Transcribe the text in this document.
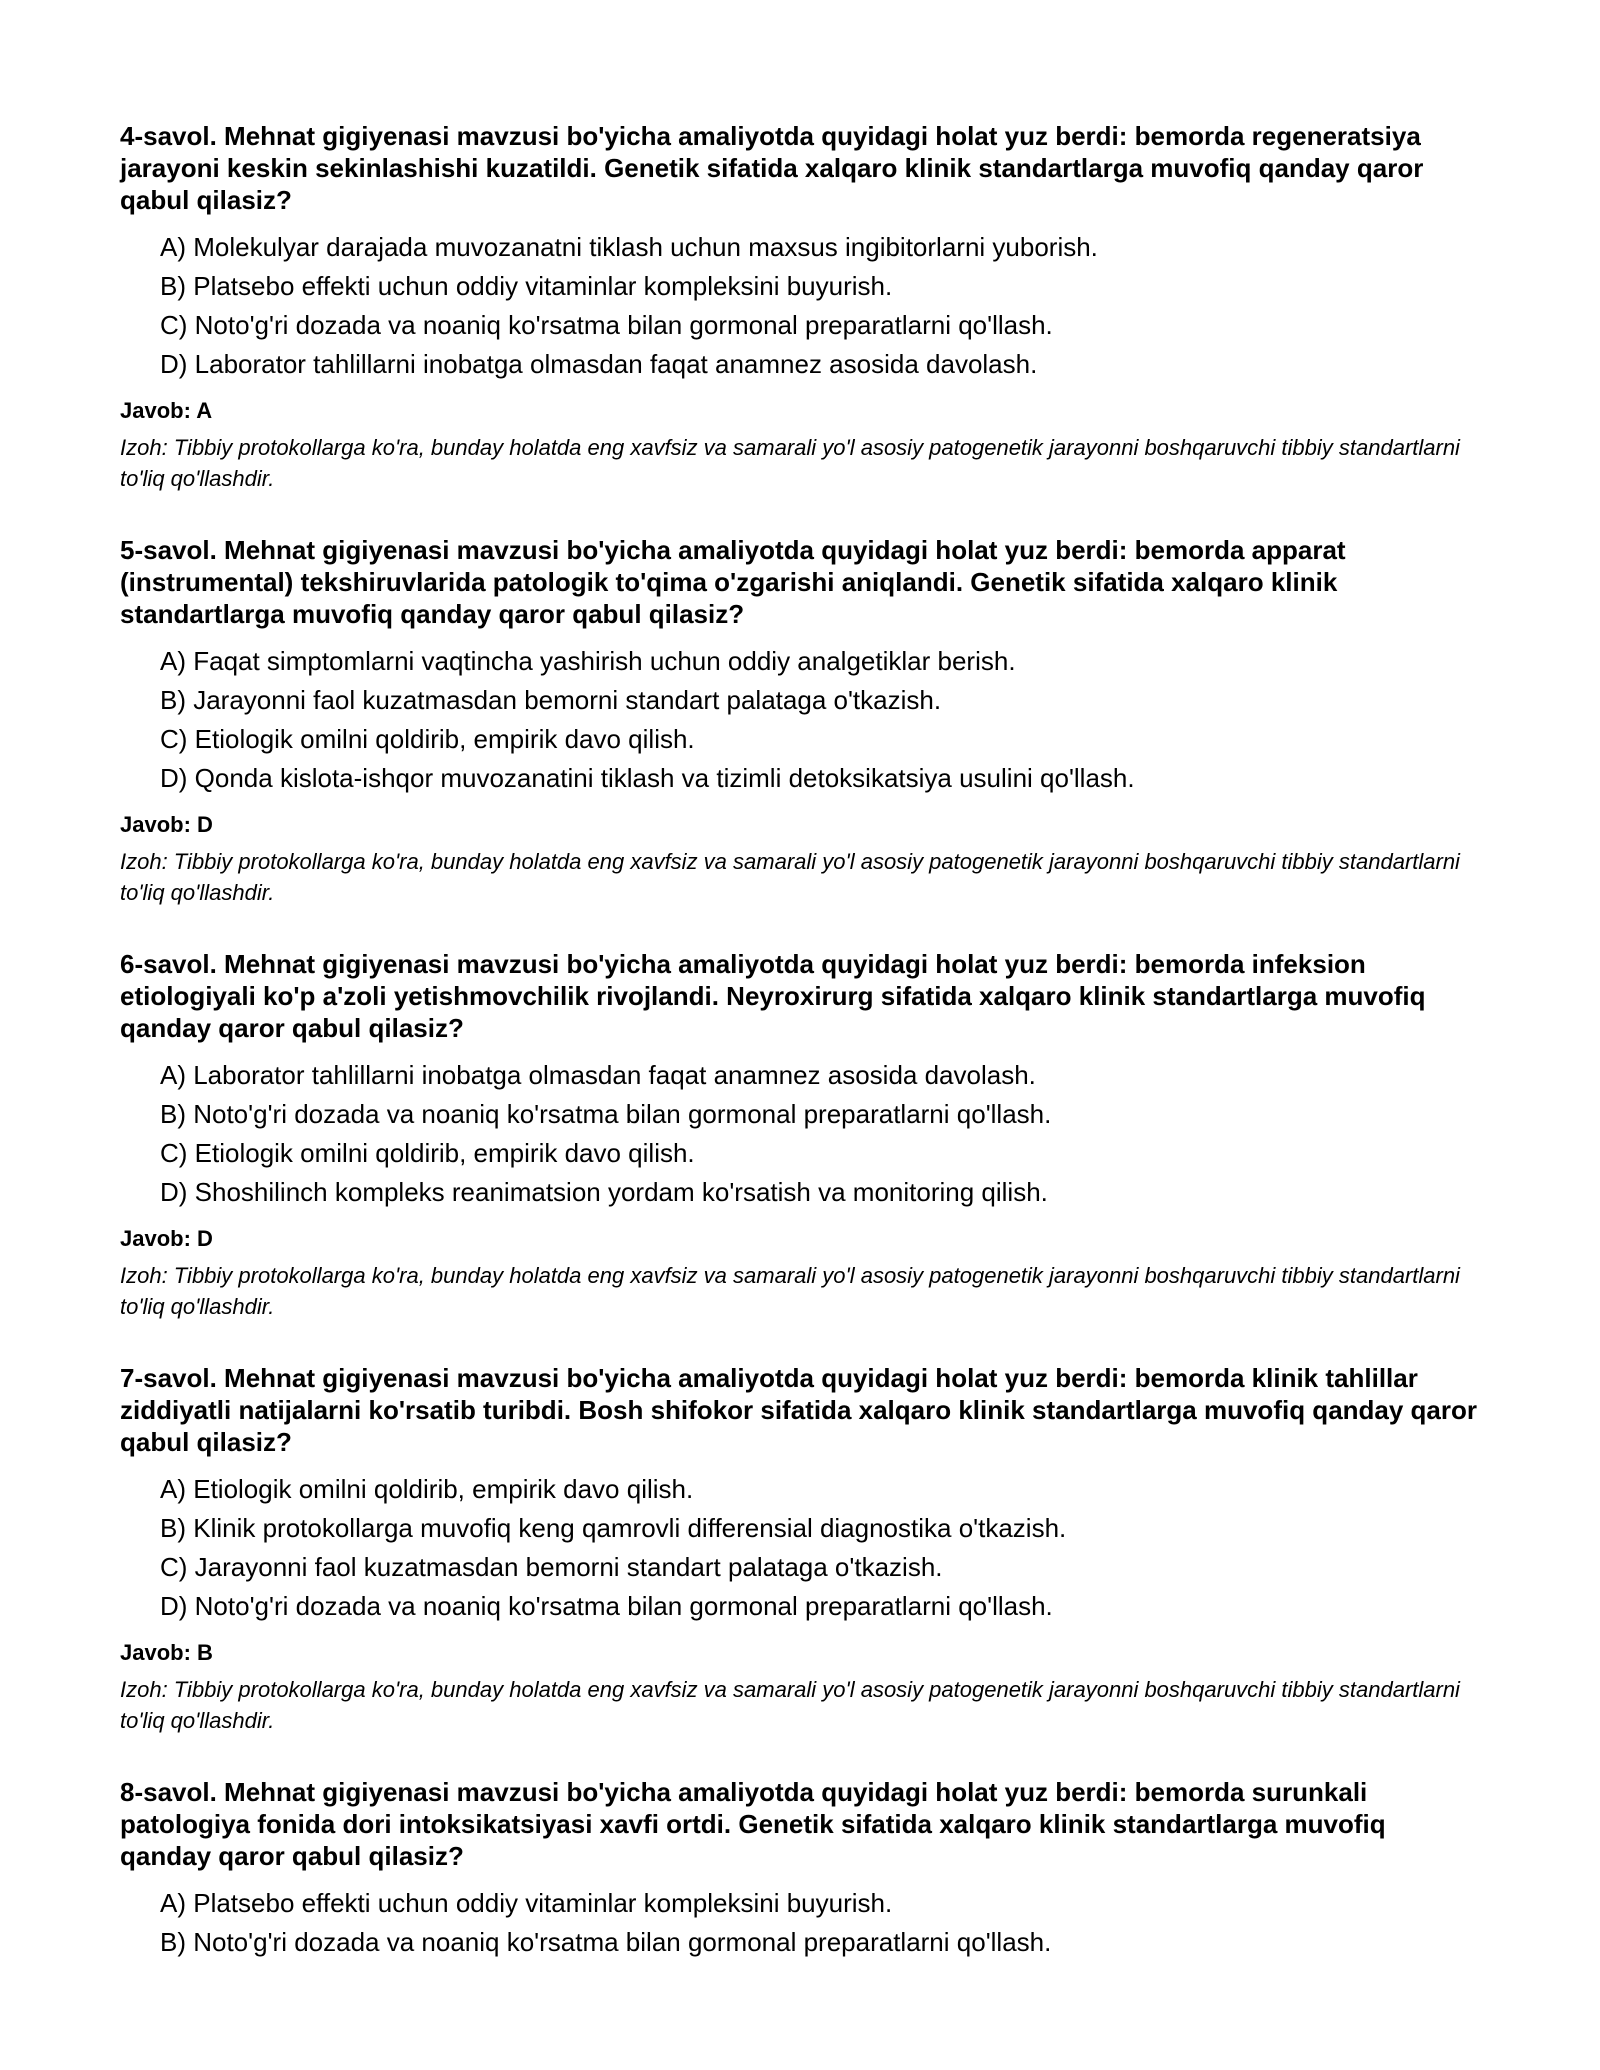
4-savol. Mehnat gigiyenasi mavzusi bo'yicha amaliyotda quyidagi holat yuz berdi: bemorda regeneratsiya jarayoni keskin sekinlashishi kuzatildi. Genetik sifatida xalqaro klinik standartlarga muvofiq qanday qaror qabul qilasiz?

A) Molekulyar darajada muvozanatni tiklash uchun maxsus ingibitorlarni yuborish.
B) Platsebo effekti uchun oddiy vitaminlar kompleksini buyurish.
C) Noto'g'ri dozada va noaniq ko'rsatma bilan gormonal preparatlarni qo'llash.
D) Laborator tahlillarni inobatga olmasdan faqat anamnez asosida davolash.

Javob: A

Izoh: Tibbiy protokollarga ko'ra, bunday holatda eng xavfsiz va samarali yo'l asosiy patogenetik jarayonni boshqaruvchi tibbiy standartlarni to'liq qo'llashdir.

5-savol. Mehnat gigiyenasi mavzusi bo'yicha amaliyotda quyidagi holat yuz berdi: bemorda apparat (instrumental) tekshiruvlarida patologik to'qima o'zgarishi aniqlandi. Genetik sifatida xalqaro klinik standartlarga muvofiq qanday qaror qabul qilasiz?

A) Faqat simptomlarni vaqtincha yashirish uchun oddiy analgetiklar berish.
B) Jarayonni faol kuzatmasdan bemorni standart palataga o'tkazish.
C) Etiologik omilni qoldirib, empirik davo qilish.
D) Qonda kislota-ishqor muvozanatini tiklash va tizimli detoksikatsiya usulini qo'llash.

Javob: D

Izoh: Tibbiy protokollarga ko'ra, bunday holatda eng xavfsiz va samarali yo'l asosiy patogenetik jarayonni boshqaruvchi tibbiy standartlarni to'liq qo'llashdir.

6-savol. Mehnat gigiyenasi mavzusi bo'yicha amaliyotda quyidagi holat yuz berdi: bemorda infeksion etiologiyali ko'p a'zoli yetishmovchilik rivojlandi. Neyroxirurg sifatida xalqaro klinik standartlarga muvofiq qanday qaror qabul qilasiz?

A) Laborator tahlillarni inobatga olmasdan faqat anamnez asosida davolash.
B) Noto'g'ri dozada va noaniq ko'rsatma bilan gormonal preparatlarni qo'llash.
C) Etiologik omilni qoldirib, empirik davo qilish.
D) Shoshilinch kompleks reanimatsion yordam ko'rsatish va monitoring qilish.

Javob: D

Izoh: Tibbiy protokollarga ko'ra, bunday holatda eng xavfsiz va samarali yo'l asosiy patogenetik jarayonni boshqaruvchi tibbiy standartlarni to'liq qo'llashdir.

7-savol. Mehnat gigiyenasi mavzusi bo'yicha amaliyotda quyidagi holat yuz berdi: bemorda klinik tahlillar ziddiyatli natijalarni ko'rsatib turibdi. Bosh shifokor sifatida xalqaro klinik standartlarga muvofiq qanday qaror qabul qilasiz?

A) Etiologik omilni qoldirib, empirik davo qilish.
B) Klinik protokollarga muvofiq keng qamrovli differensial diagnostika o'tkazish.
C) Jarayonni faol kuzatmasdan bemorni standart palataga o'tkazish.
D) Noto'g'ri dozada va noaniq ko'rsatma bilan gormonal preparatlarni qo'llash.

Javob: B

Izoh: Tibbiy protokollarga ko'ra, bunday holatda eng xavfsiz va samarali yo'l asosiy patogenetik jarayonni boshqaruvchi tibbiy standartlarni to'liq qo'llashdir.

8-savol. Mehnat gigiyenasi mavzusi bo'yicha amaliyotda quyidagi holat yuz berdi: bemorda surunkali patologiya fonida dori intoksikatsiyasi xavfi ortdi. Genetik sifatida xalqaro klinik standartlarga muvofiq qanday qaror qabul qilasiz?

A) Platsebo effekti uchun oddiy vitaminlar kompleksini buyurish.
B) Noto'g'ri dozada va noaniq ko'rsatma bilan gormonal preparatlarni qo'llash.
